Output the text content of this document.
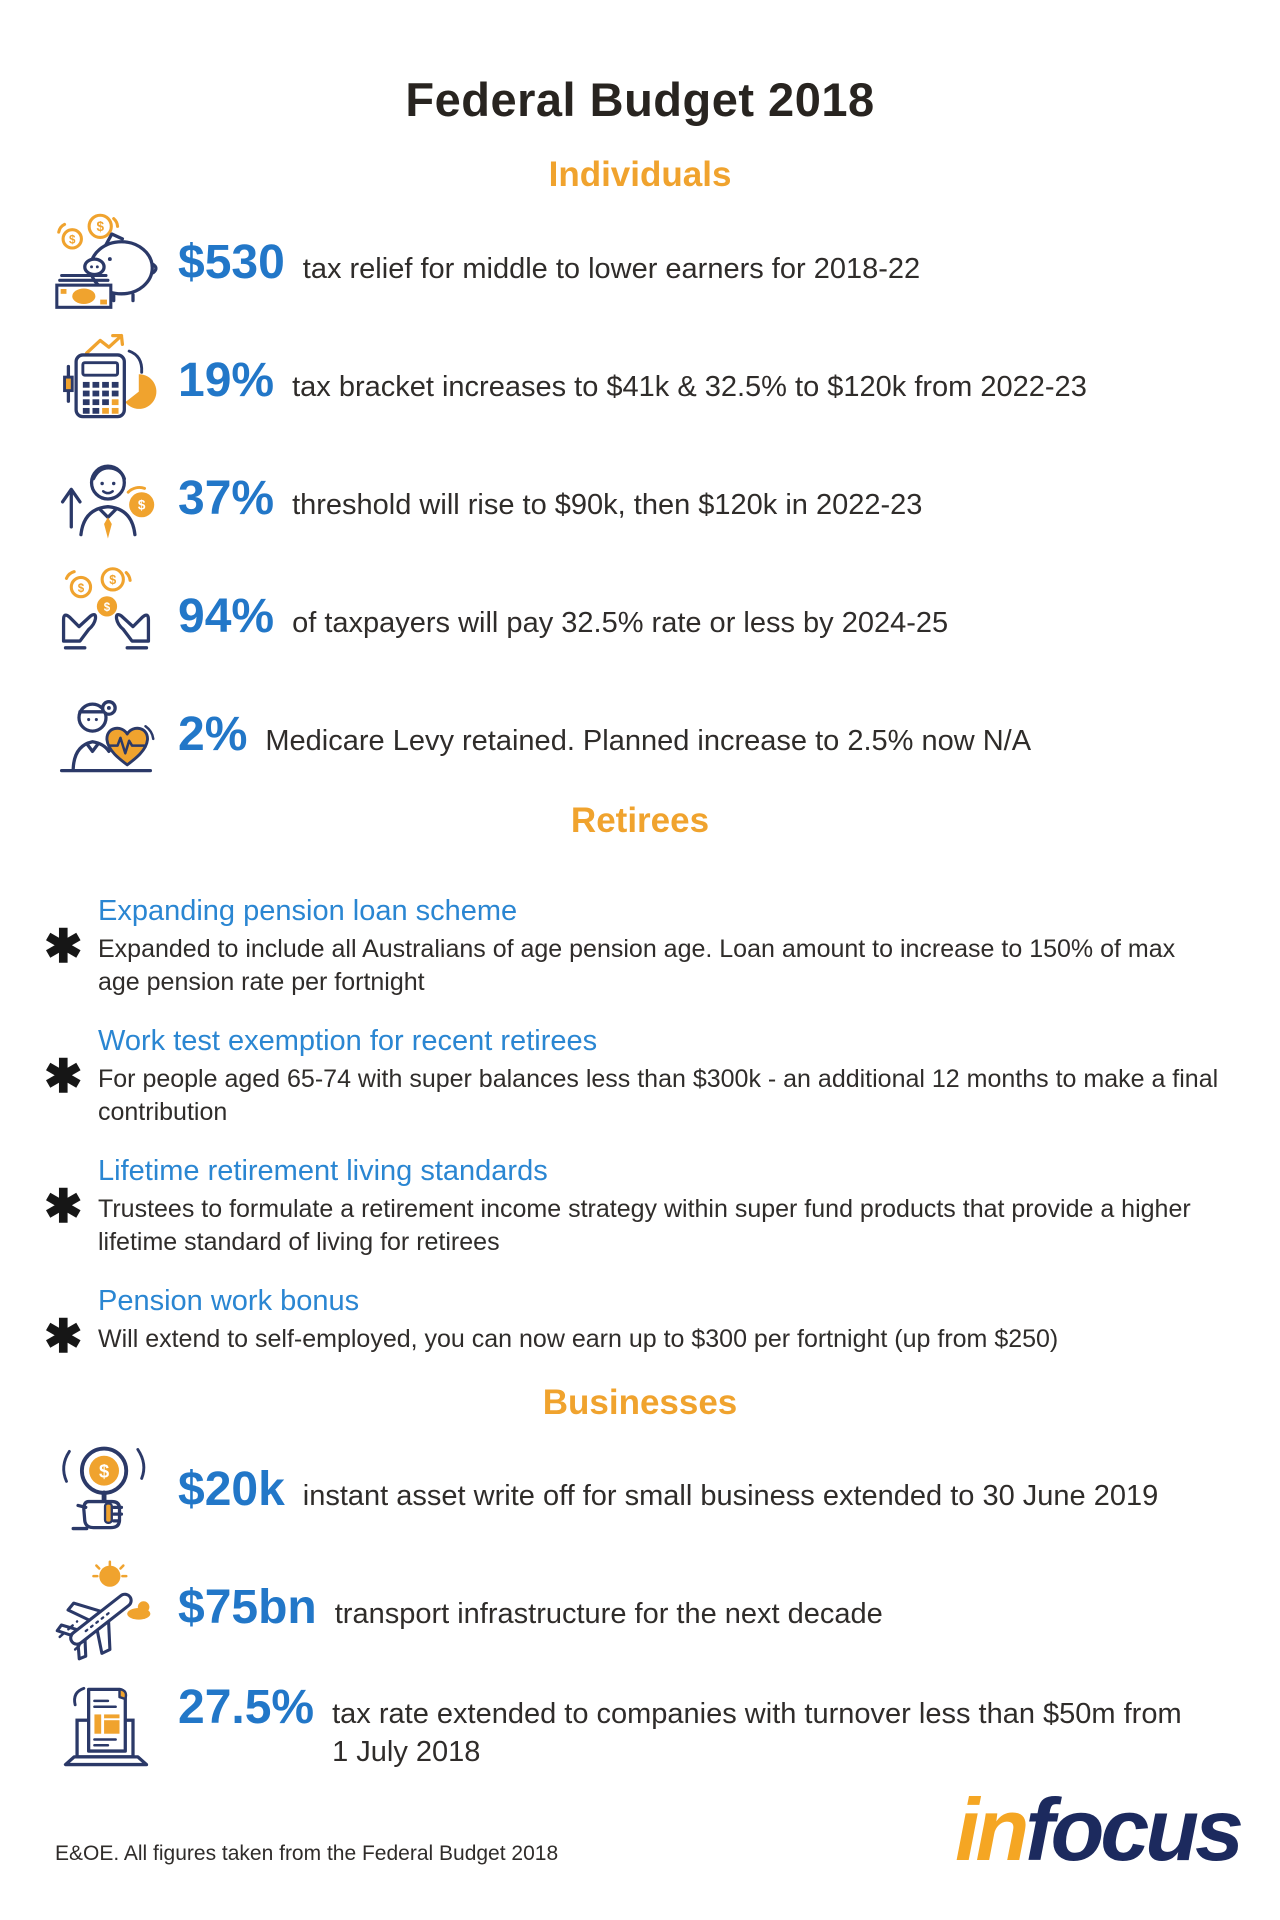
Federal Budget 2018
Individuals
$
$
$530 tax relief for middle to lower earners for 2018-22
19% tax bracket increases to $41k & 32.5% to $120k from 2022-23
$ 37% threshold will rise to $90k, then $120k in 2022-23
$
$
$ 94% of taxpayers will pay 32.5% rate or less by 2024-25
2% Medicare Levy retained. Planned increase to 2.5% now N/A
Retirees
✱
Expanding pension loan scheme
Expanded to include all Australians of age pension age. Loan amount to increase to 150% of max
age pension rate per fortnight
✱
Work test exemption for recent retirees
For people aged 65-74 with super balances less than $300k - an additional 12 months to make a final
contribution
✱
Lifetime retirement living standards
Trustees to formulate a retirement income strategy within super fund products that provide a higher
lifetime standard of living for retirees
✱
Pension work bonus
Will extend to self-employed, you can now earn up to $300 per fortnight (up from $250)
Businesses
$ $20k instant asset write off for small business extended to 30 June 2019
$75bn transport infrastructure for the next decade
27.5% tax rate extended to companies with turnover less than $50m from
1 July 2018
E&OE. All figures taken from the Federal Budget 2018	infocus
